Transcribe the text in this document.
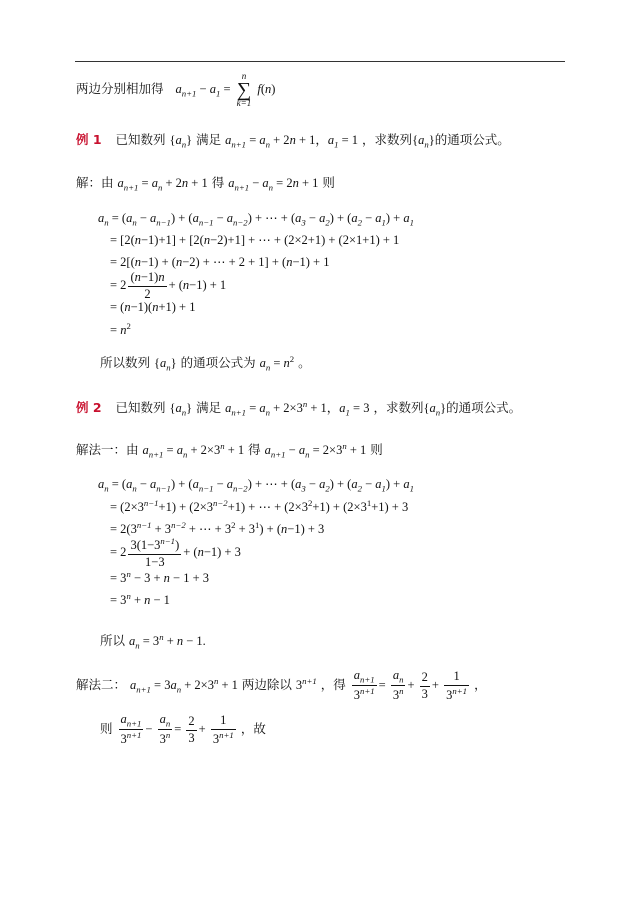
两边分别相加得 $a_{n+1} - a_1$ =
n
∑
k=1
f(n)
例 1 已知数列 $\{a_n\}$ 满足 $a_{n+1} = a_n + 2n + 1$，$a_1 = 1$ ，求数列$\{a_n\}$的通项公式。
解：由 $a_{n+1} = a_n + 2n + 1$ 得 $a_{n+1} - a_n = 2n + 1$ 则
$a_n = (a_n - a_{n-1}) + (a_{n-1} - a_{n-2})$ + ⋯ + $(a_3 - a_2) + (a_2 - a_1) + a_1$
= [2(n−1)+1] + [2(n−2)+1] + ⋯ + (2×2+1) + (2×1+1) + 1
= 2[(n−1) + (n−2) + ⋯ + 2 + 1] + (n−1) + 1
= $2 \frac{(n-1)n}{2} + (n-1) + 1$
= (n−1)(n+1) + 1
= $n^2$
所以数列 $\{a_n\}$ 的通项公式为 $a_n = n^2$ 。
例 2 已知数列 $\{a_n\}$ 满足 $a_{n+1} = a_n + 2\times 3^n + 1$，$a_1 = 3$ ，求数列$\{a_n\}$的通项公式。
解法一：由 $a_{n+1} = a_n + 2\times 3^n + 1$ 得 $a_{n+1} - a_n = 2\times 3^n + 1$ 则
$a_n = (a_n - a_{n-1}) + (a_{n-1} - a_{n-2})$ + ⋯ + $(a_3 - a_2) + (a_2 - a_1) + a_1$
= $(2\times 3^{n-1}+1) + (2\times 3^{n-2}+1)$ + ⋯ + $(2\times 3^2+1) + (2\times 3^1+1) + 3$
= $2(3^{n-1} + 3^{n-2}$ + ⋯ + $3^2 + 3^1) + (n-1) + 3$
= $2 \frac{3(1-3^{n-1})}{1-3} + (n-1) + 3$
= $3^n - 3 + n - 1 + 3$
= $3^n + n - 1$
所以 $a_n = 3^n + n - 1$.
解法二： $a_{n+1} = 3a_n + 2\times 3^n + 1$ 两边除以 $3^{n+1}$ ，得 $\frac{a_{n+1}}{3^{n+1}} = \frac{a_n}{3^n} + \frac{2}{3} + \frac{1}{3^{n+1}}$ ，
则 $\frac{a_{n+1}}{3^{n+1}} - \frac{a_n}{3^n} = \frac{2}{3} + \frac{1}{3^{n+1}}$ ，故
